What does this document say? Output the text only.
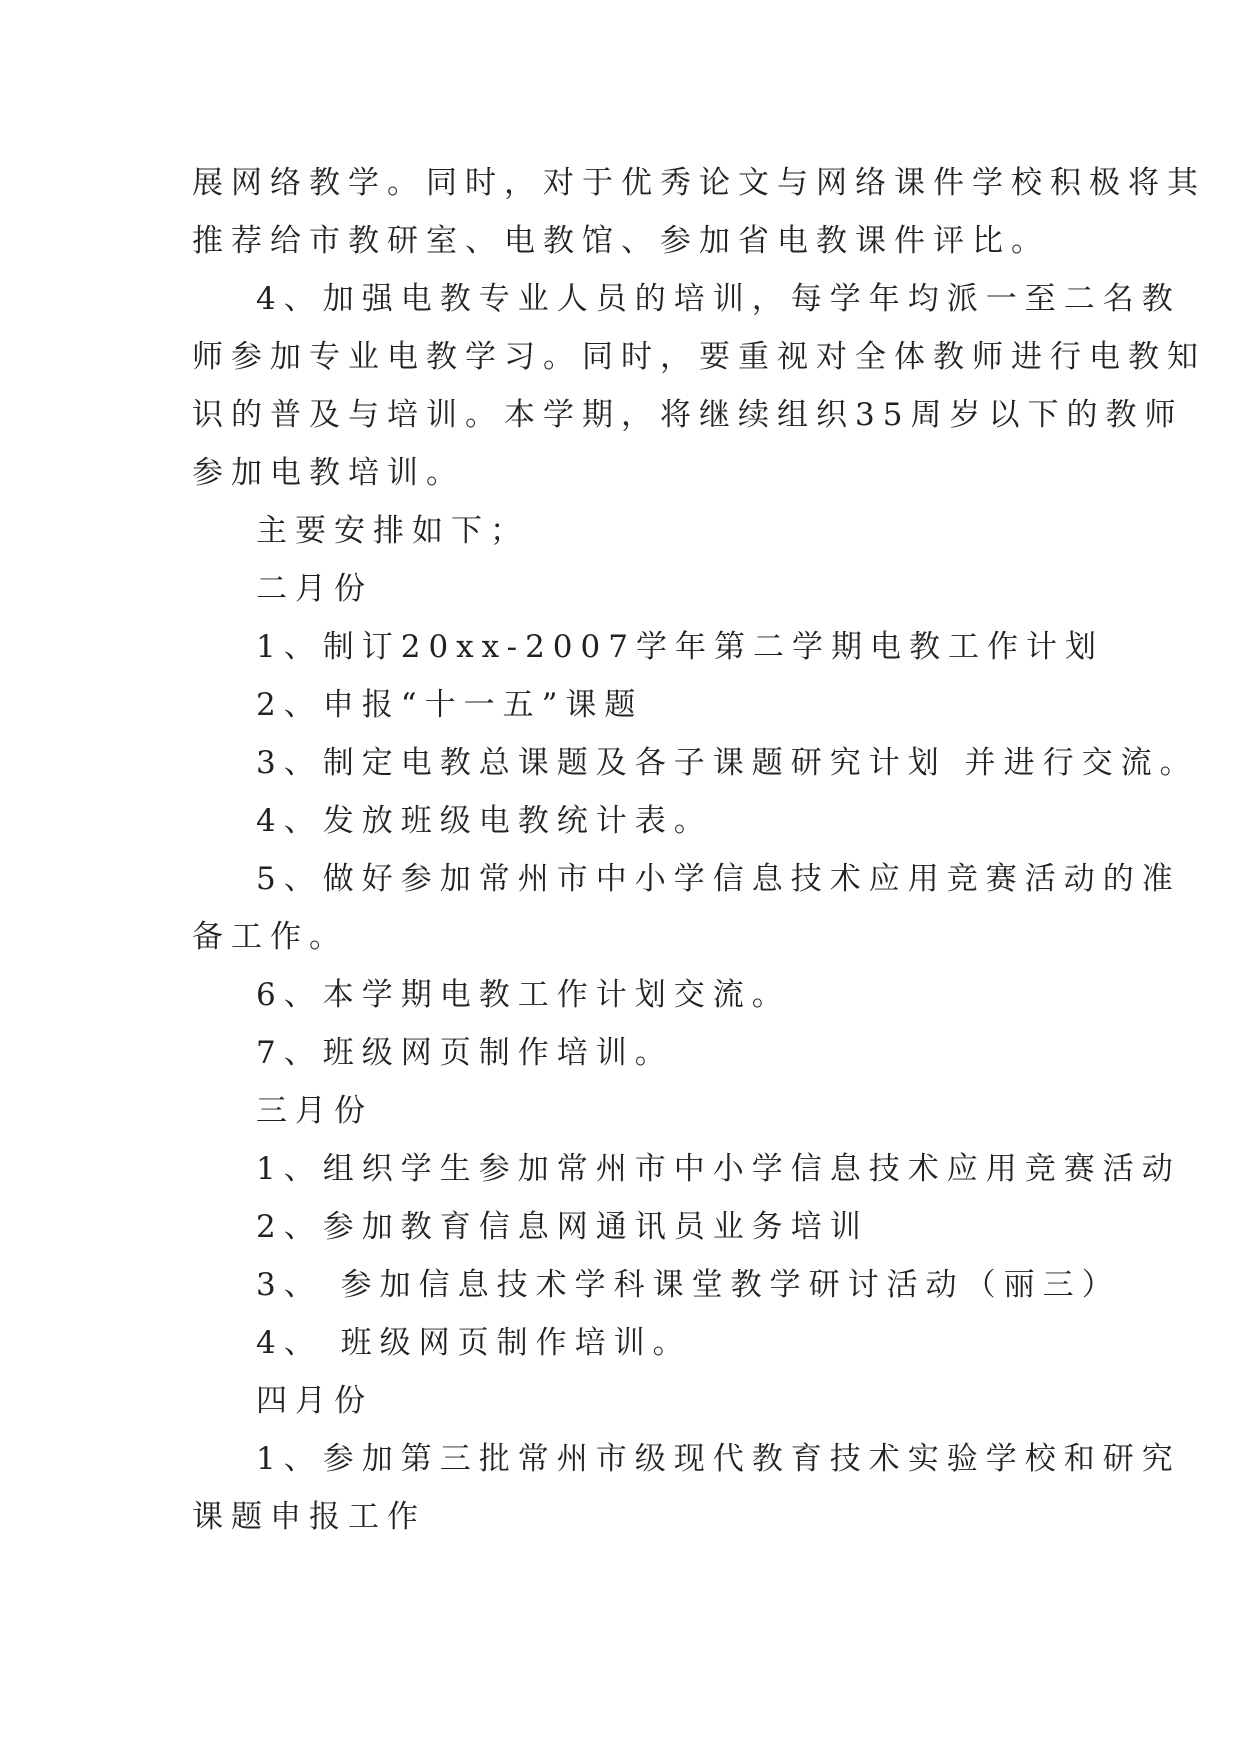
展网络教学。同时，对于优秀论文与网络课件学校积极将其
推荐给市教研室、电教馆、参加省电教课件评比。
4、加强电教专业人员的培训，每学年均派一至二名教
师参加专业电教学习。同时，要重视对全体教师进行电教知
识的普及与培训。本学期，将继续组织35周岁以下的教师
参加电教培训。
主要安排如下；
二月份
1、制订20xx-2007学年第二学期电教工作计划
2、申报“十一五”课题
3、制定电教总课题及各子课题研究计划 并进行交流。
4、发放班级电教统计表。
5、做好参加常州市中小学信息技术应用竞赛活动的准
备工作。
6、本学期电教工作计划交流。
7、班级网页制作培训。
三月份
1、组织学生参加常州市中小学信息技术应用竞赛活动
2、参加教育信息网通讯员业务培训
3、 参加信息技术学科课堂教学研讨活动（丽三）
4、 班级网页制作培训。
四月份
1、参加第三批常州市级现代教育技术实验学校和研究
课题申报工作
